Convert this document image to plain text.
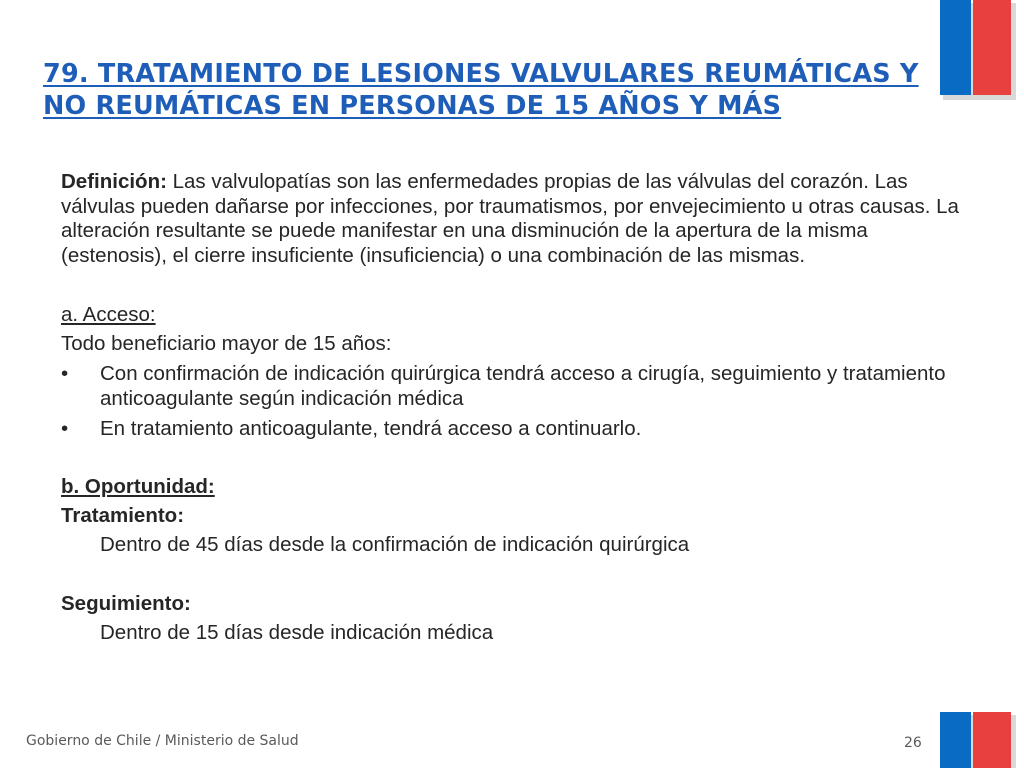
79. TRATAMIENTO DE LESIONES VALVULARES REUMÁTICAS Y NO REUMÁTICAS EN PERSONAS DE 15 AÑOS Y MÁS

Definición: Las valvulopatías son las enfermedades propias de las válvulas del corazón. Las válvulas pueden dañarse por infecciones, por traumatismos, por envejecimiento u otras causas. La alteración resultante se puede manifestar en una disminución de la apertura de la misma (estenosis), el cierre insuficiente (insuficiencia) o una combinación de las mismas.

a. Acceso:

Todo beneficiario mayor de 15 años:

• Con confirmación de indicación quirúrgica tendrá acceso a cirugía, seguimiento y tratamiento anticoagulante según indicación médica

• En tratamiento anticoagulante, tendrá acceso a continuarlo.

b. Oportunidad:

Tratamiento:

Dentro de 45 días desde la confirmación de indicación quirúrgica

Seguimiento:

Dentro de 15 días desde indicación médica

Gobierno de Chile / Ministerio de Salud	26
